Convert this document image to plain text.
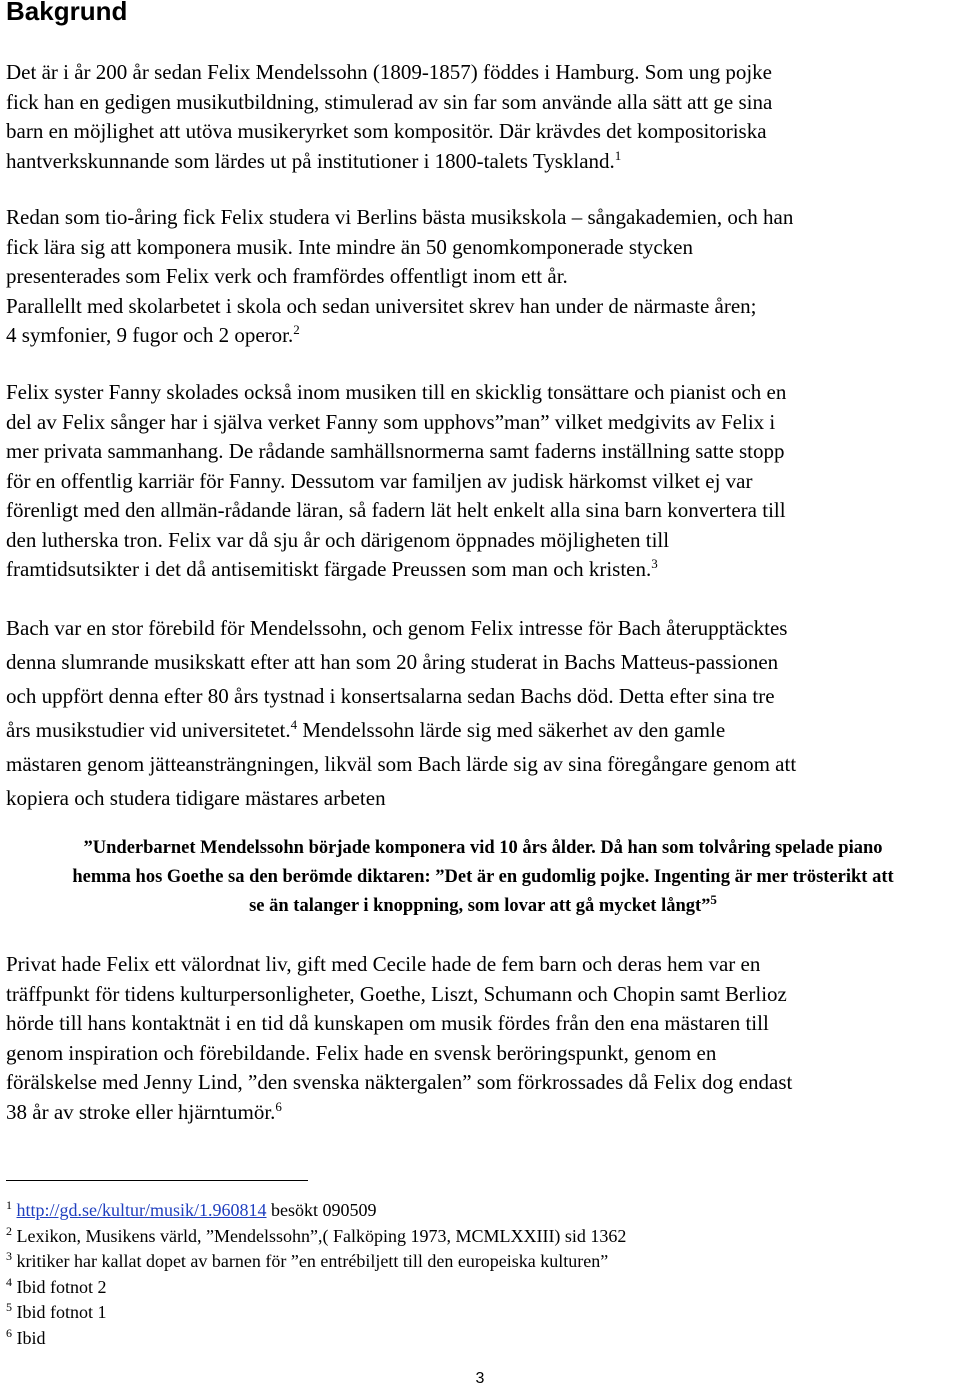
Bakgrund

Det är i år 200 år sedan Felix Mendelssohn (1809-1857) föddes i Hamburg. Som ung pojke
fick han en gedigen musikutbildning, stimulerad av sin far som använde alla sätt att ge sina
barn en möjlighet att utöva musikeryrket som kompositör. Där krävdes det kompositoriska
hantverkskunnande som lärdes ut på institutioner i 1800-talets Tyskland.$^1$

Redan som tio-åring fick Felix studera vi Berlins bästa musikskola – sångakademien, och han
fick lära sig att komponera musik. Inte mindre än 50 genomkomponerade stycken
presenterades som Felix verk och framfördes offentligt inom ett år.
Parallellt med skolarbetet i skola och sedan universitet skrev han under de närmaste åren;
4 symfonier, 9 fugor och 2 operor.$^2$

Felix syster Fanny skolades också inom musiken till en skicklig tonsättare och pianist och en
del av Felix sånger har i själva verket Fanny som upphovs”man” vilket medgivits av Felix i
mer privata sammanhang. De rådande samhällsnormerna samt faderns inställning satte stopp
för en offentlig karriär för Fanny. Dessutom var familjen av judisk härkomst vilket ej var
förenligt med den allmän-rådande läran, så fadern lät helt enkelt alla sina barn konvertera till
den lutherska tron. Felix var då sju år och därigenom öppnades möjligheten till
framtidsutsikter i det då antisemitiskt färgade Preussen som man och kristen.$^3$

Bach var en stor förebild för Mendelssohn, och genom Felix intresse för Bach återupptäcktes
denna slumrande musikskatt efter att han som 20 åring studerat in Bachs Matteus-passionen
och uppfört denna efter 80 års tystnad i konsertsalarna sedan Bachs död. Detta efter sina tre
års musikstudier vid universitetet.$^4$ Mendelssohn lärde sig med säkerhet av den gamle
mästaren genom jätteansträngningen, likväl som Bach lärde sig av sina föregångare genom att
kopiera och studera tidigare mästares arbeten

”Underbarnet Mendelssohn började komponera vid 10 års ålder. Då han som tolvåring spelade piano
hemma hos Goethe sa den berömde diktaren: ”Det är en gudomlig pojke. Ingenting är mer trösterikt att
se än talanger i knoppning, som lovar att gå mycket långt”$^5$

Privat hade Felix ett välordnat liv, gift med Cecile hade de fem barn och deras hem var en
träffpunkt för tidens kulturpersonligheter, Goethe, Liszt, Schumann och Chopin samt Berlioz
hörde till hans kontaktnät i en tid då kunskapen om musik fördes från den ena mästaren till
genom inspiration och förebildande. Felix hade en svensk beröringspunkt, genom en
förälskelse med Jenny Lind, ”den svenska näktergalen” som förkrossades då Felix dog endast
38 år av stroke eller hjärntumör.$^6$

$^1$ http://gd.se/kultur/musik/1.960814 besökt 090509
$^2$ Lexikon, Musikens värld, ”Mendelssohn”,( Falköping 1973, MCMLXXIII) sid 1362
$^3$ kritiker har kallat dopet av barnen för ”en entrébiljett till den europeiska kulturen”
$^4$ Ibid fotnot 2
$^5$ Ibid fotnot 1
$^6$ Ibid
3
